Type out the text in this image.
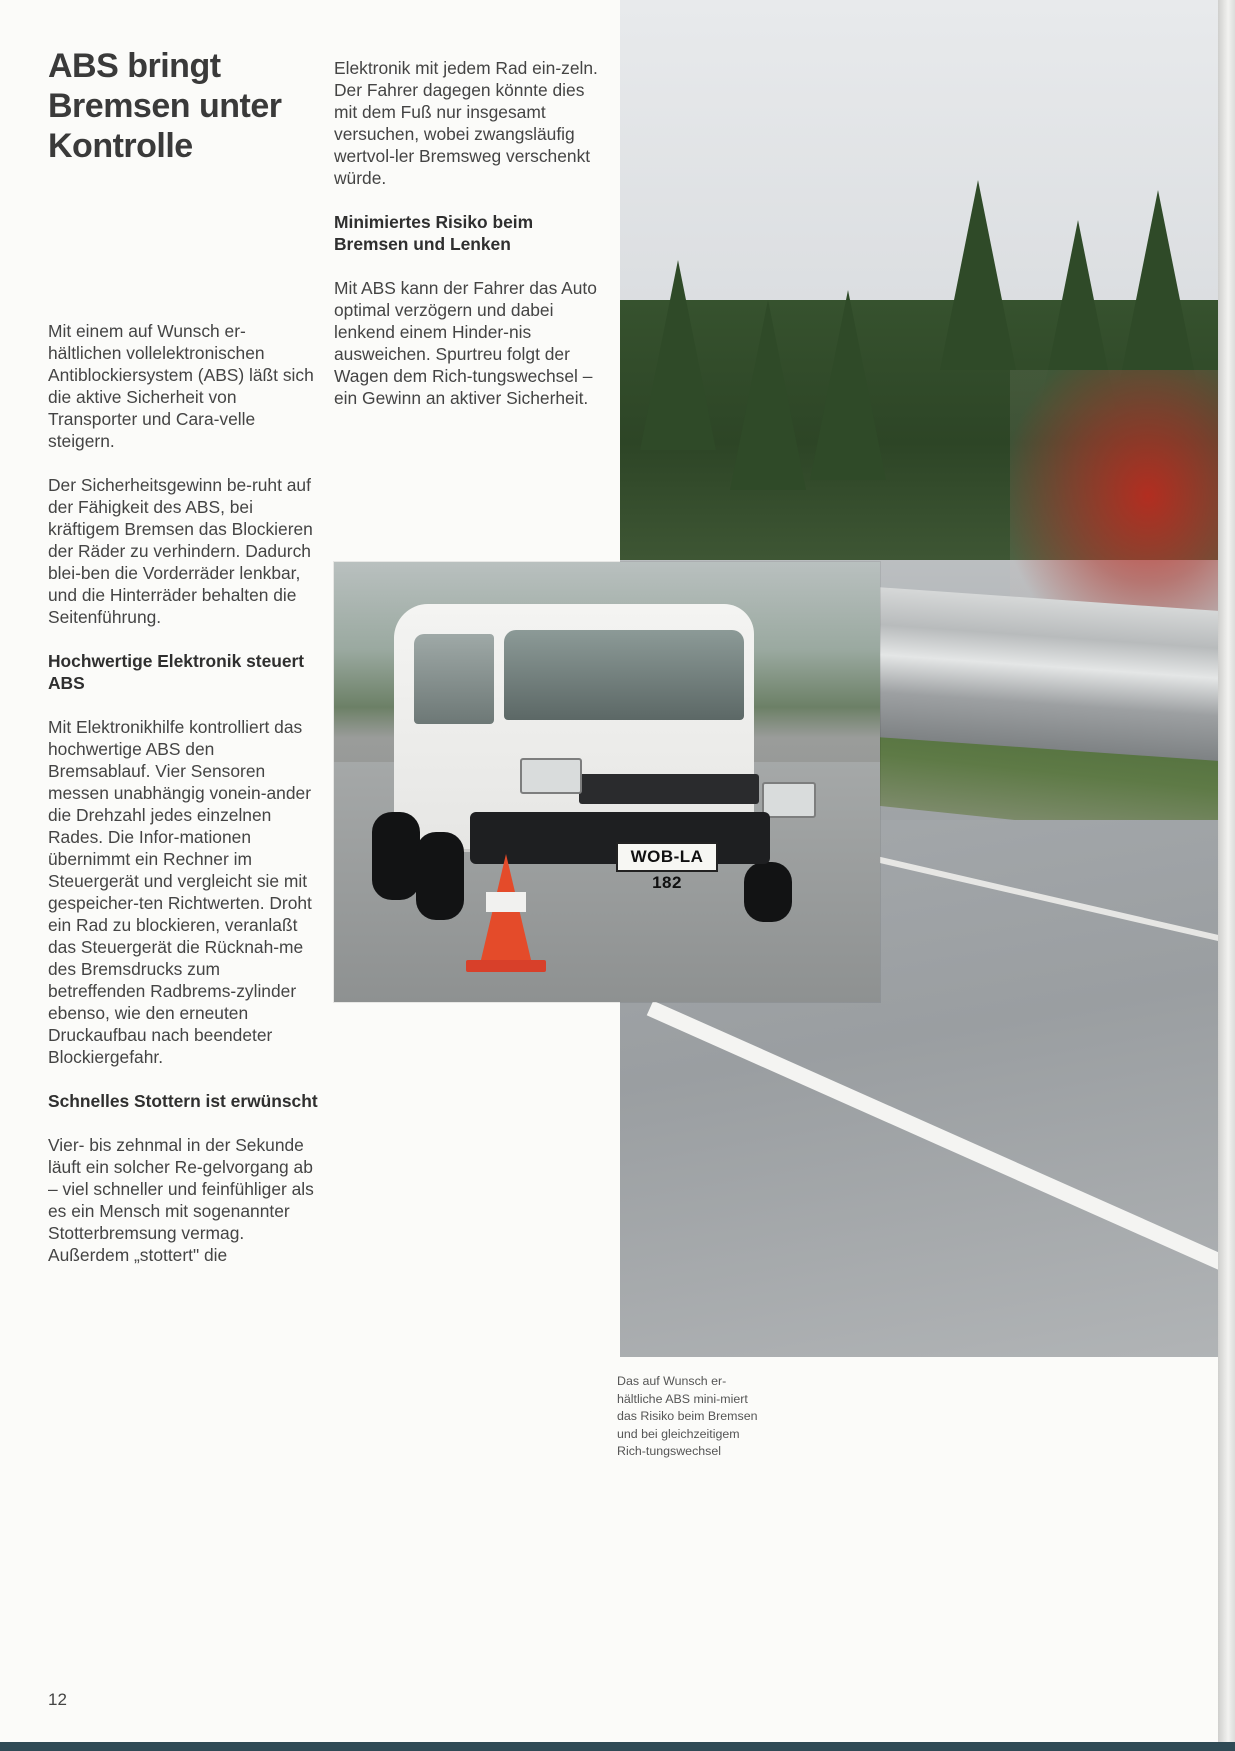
WOB-LA 182
ABS bringt Bremsen unter Kontrolle

Mit einem auf Wunsch er-hältlichen vollelektronischen Antiblockiersystem (ABS) läßt sich die aktive Sicherheit von Transporter und Cara-velle steigern.

Der Sicherheitsgewinn be-ruht auf der Fähigkeit des ABS, bei kräftigem Bremsen das Blockieren der Räder zu verhindern. Dadurch blei-ben die Vorderräder lenkbar, und die Hinterräder behalten die Seitenführung.

Hochwertige Elektronik steuert ABS

Mit Elektronikhilfe kontrolliert das hochwertige ABS den Bremsablauf. Vier Sensoren messen unabhängig vonein-ander die Drehzahl jedes einzelnen Rades. Die Infor-mationen übernimmt ein Rechner im Steuergerät und vergleicht sie mit gespeicher-ten Richtwerten. Droht ein Rad zu blockieren, veranlaßt das Steuergerät die Rücknah-me des Bremsdrucks zum betreffenden Radbrems-zylinder ebenso, wie den erneuten Druckaufbau nach beendeter Blockiergefahr.

Schnelles Stottern ist erwünscht

Vier- bis zehnmal in der Sekunde läuft ein solcher Re-gelvorgang ab – viel schneller und feinfühliger als es ein Mensch mit sogenannter Stotterbremsung vermag. Außerdem „stottert" die

Elektronik mit jedem Rad ein-zeln. Der Fahrer dagegen könnte dies mit dem Fuß nur insgesamt versuchen, wobei zwangsläufig wertvol-ler Bremsweg verschenkt würde.

Minimiertes Risiko beim Bremsen und Lenken

Mit ABS kann der Fahrer das Auto optimal verzögern und dabei lenkend einem Hinder-nis ausweichen. Spurtreu folgt der Wagen dem Rich-tungswechsel – ein Gewinn an aktiver Sicherheit.

Das auf Wunsch er-hältliche ABS mini-miert das Risiko beim Bremsen und bei gleichzeitigem Rich-tungswechsel

12
